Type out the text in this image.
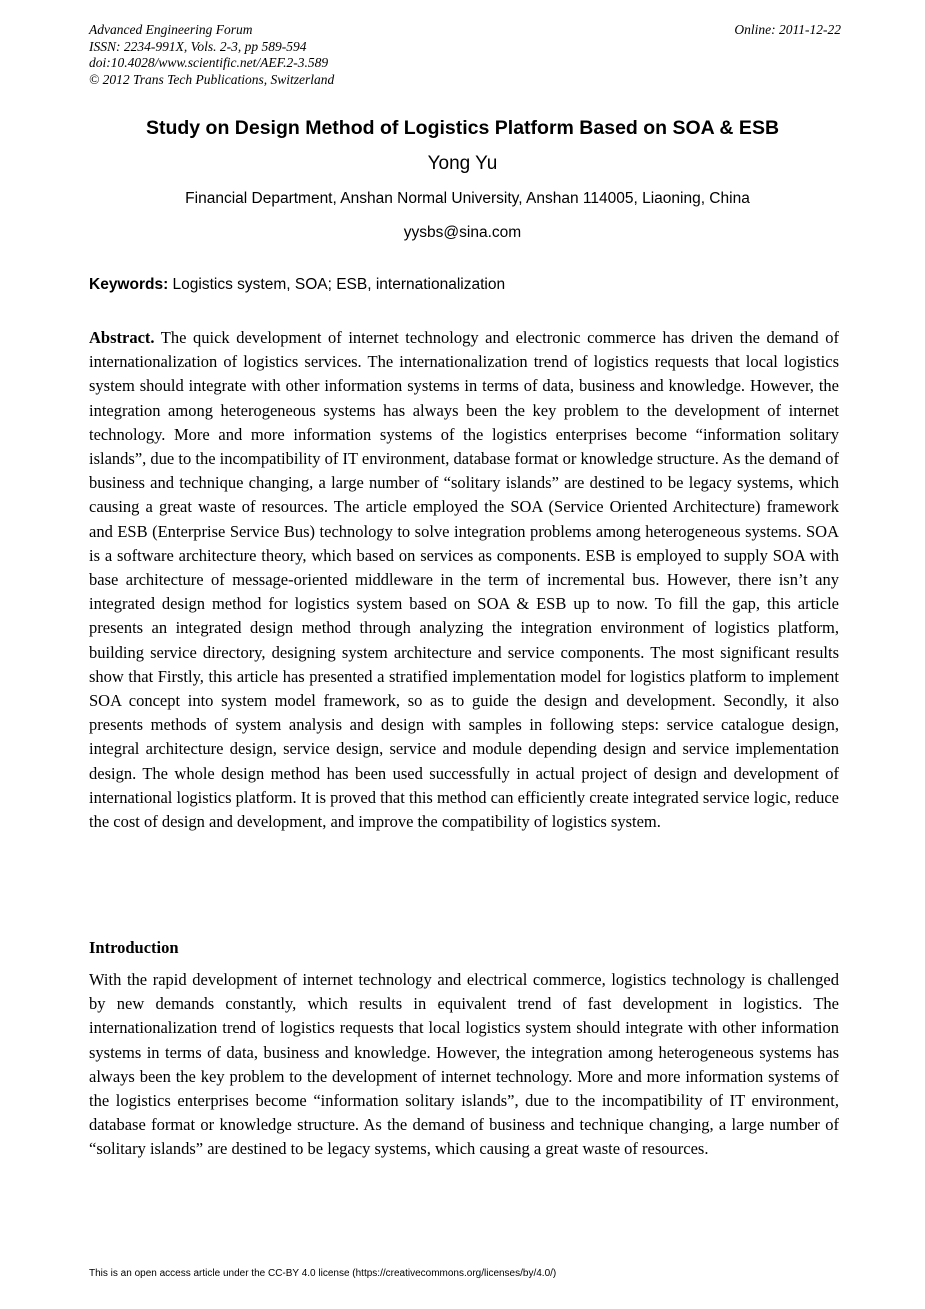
Advanced Engineering Forum
ISSN: 2234-991X, Vols. 2-3, pp 589-594
doi:10.4028/www.scientific.net/AEF.2-3.589
© 2012 Trans Tech Publications, Switzerland
Online: 2011-12-22
Study on Design Method of Logistics Platform Based on SOA & ESB
Yong Yu
Financial Department, Anshan Normal University, Anshan 114005, Liaoning, China
yysbs@sina.com
Keywords: Logistics system, SOA; ESB, internationalization
Abstract. The quick development of internet technology and electronic commerce has driven the demand of internationalization of logistics services. The internationalization trend of logistics requests that local logistics system should integrate with other information systems in terms of data, business and knowledge. However, the integration among heterogeneous systems has always been the key problem to the development of internet technology. More and more information systems of the logistics enterprises become “information solitary islands”, due to the incompatibility of IT environment, database format or knowledge structure. As the demand of business and technique changing, a large number of “solitary islands” are destined to be legacy systems, which causing a great waste of resources. The article employed the SOA (Service Oriented Architecture) framework and ESB (Enterprise Service Bus) technology to solve integration problems among heterogeneous systems. SOA is a software architecture theory, which based on services as components. ESB is employed to supply SOA with base architecture of message-oriented middleware in the term of incremental bus. However, there isn’t any integrated design method for logistics system based on SOA & ESB up to now. To fill the gap, this article presents an integrated design method through analyzing the integration environment of logistics platform, building service directory, designing system architecture and service components. The most significant results show that Firstly, this article has presented a stratified implementation model for logistics platform to implement SOA concept into system model framework, so as to guide the design and development. Secondly, it also presents methods of system analysis and design with samples in following steps: service catalogue design, integral architecture design, service design, service and module depending design and service implementation design. The whole design method has been used successfully in actual project of design and development of international logistics platform. It is proved that this method can efficiently create integrated service logic, reduce the cost of design and development, and improve the compatibility of logistics system.
Introduction
With the rapid development of internet technology and electrical commerce, logistics technology is challenged by new demands constantly, which results in equivalent trend of fast development in logistics. The internationalization trend of logistics requests that local logistics system should integrate with other information systems in terms of data, business and knowledge. However, the integration among heterogeneous systems has always been the key problem to the development of internet technology. More and more information systems of the logistics enterprises become “information solitary islands”, due to the incompatibility of IT environment, database format or knowledge structure. As the demand of business and technique changing, a large number of “solitary islands” are destined to be legacy systems, which causing a great waste of resources.
This is an open access article under the CC-BY 4.0 license (https://creativecommons.org/licenses/by/4.0/)
